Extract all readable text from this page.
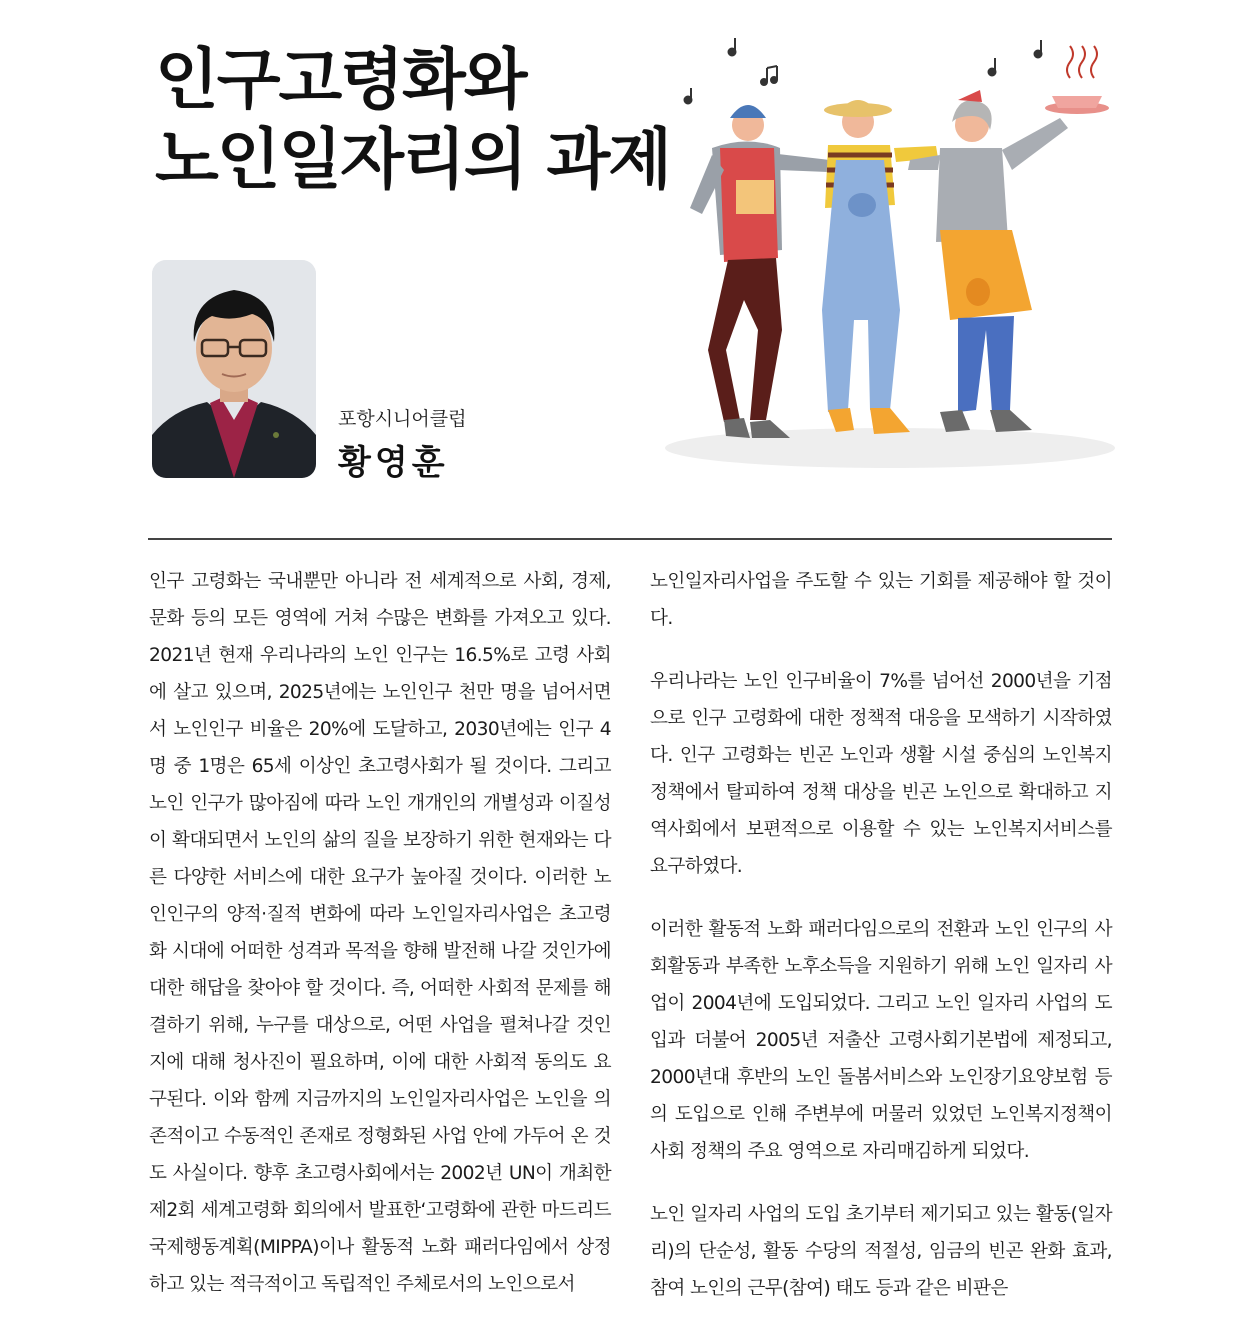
인구고령화와
노인일자리의 과제
포항시니어클럽
황영훈

인구 고령화는 국내뿐만 아니라 전 세계적으로 사회, 경제, 문화 등의 모든 영역에 거쳐 수많은 변화를 가져오고 있다. 2021년 현재 우리나라의 노인 인구는 16.5%로 고령 사회에 살고 있으며, 2025년에는 노인인구 천만 명을 넘어서면서 노인인구 비율은 20%에 도달하고, 2030년에는 인구 4명 중 1명은 65세 이상인 초고령사회가 될 것이다. 그리고 노인 인구가 많아짐에 따라 노인 개개인의 개별성과 이질성이 확대되면서 노인의 삶의 질을 보장하기 위한 현재와는 다른 다양한 서비스에 대한 요구가 높아질 것이다. 이러한 노인인구의 양적·질적 변화에 따라 노인일자리사업은 초고령화 시대에 어떠한 성격과 목적을 향해 발전해 나갈 것인가에 대한 해답을 찾아야 할 것이다. 즉, 어떠한 사회적 문제를 해결하기 위해, 누구를 대상으로, 어떤 사업을 펼쳐나갈 것인지에 대해 청사진이 필요하며, 이에 대한 사회적 동의도 요구된다. 이와 함께 지금까지의 노인일자리사업은 노인을 의존적이고 수동적인 존재로 정형화된 사업 안에 가두어 온 것도 사실이다. 향후 초고령사회에서는 2002년 UN이 개최한 제2회 세계고령화 회의에서 발표한‘고령화에 관한 마드리드 국제행동계획(MIPPA)이나 활동적 노화 패러다임에서 상정하고 있는 적극적이고 독립적인 주체로서의 노인으로서

노인일자리사업을 주도할 수 있는 기회를 제공해야 할 것이다.

우리나라는 노인 인구비율이 7%를 넘어선 2000년을 기점으로 인구 고령화에 대한 정책적 대응을 모색하기 시작하였다. 인구 고령화는 빈곤 노인과 생활 시설 중심의 노인복지정책에서 탈피하여 정책 대상을 빈곤 노인으로 확대하고 지역사회에서 보편적으로 이용할 수 있는 노인복지서비스를 요구하였다.

이러한 활동적 노화 패러다임으로의 전환과 노인 인구의 사회활동과 부족한 노후소득을 지원하기 위해 노인 일자리 사업이 2004년에 도입되었다. 그리고 노인 일자리 사업의 도입과 더불어 2005년 저출산 고령사회기본법에 제정되고, 2000년대 후반의 노인 돌봄서비스와 노인장기요양보험 등의 도입으로 인해 주변부에 머물러 있었던 노인복지정책이 사회 정책의 주요 영역으로 자리매김하게 되었다.

노인 일자리 사업의 도입 초기부터 제기되고 있는 활동(일자리)의 단순성, 활동 수당의 적절성, 임금의 빈곤 완화 효과, 참여 노인의 근무(참여) 태도 등과 같은 비판은
